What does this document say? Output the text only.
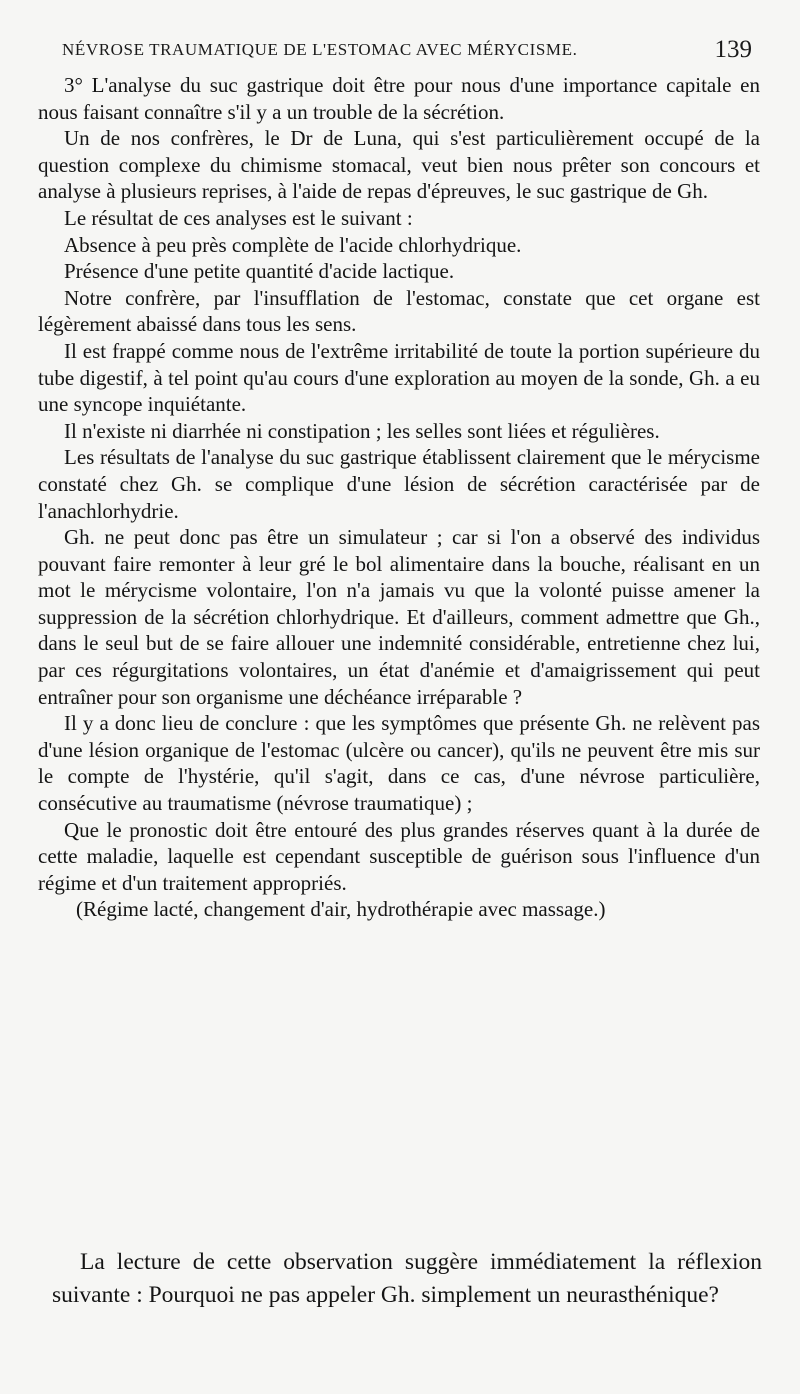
NÉVROSE TRAUMATIQUE DE L'ESTOMAC AVEC MÉRYCISME.	139

3° L'analyse du suc gastrique doit être pour nous d'une importance capitale en nous faisant connaître s'il y a un trouble de la sécrétion.

Un de nos confrères, le Dr de Luna, qui s'est particulièrement occupé de la question complexe du chimisme stomacal, veut bien nous prêter son concours et analyse à plusieurs reprises, à l'aide de repas d'épreuves, le suc gastrique de Gh.

Le résultat de ces analyses est le suivant :

Absence à peu près complète de l'acide chlorhydrique.

Présence d'une petite quantité d'acide lactique.

Notre confrère, par l'insufflation de l'estomac, constate que cet organe est légèrement abaissé dans tous les sens.

Il est frappé comme nous de l'extrême irritabilité de toute la portion supérieure du tube digestif, à tel point qu'au cours d'une exploration au moyen de la sonde, Gh. a eu une syncope inquiétante.

Il n'existe ni diarrhée ni constipation ; les selles sont liées et régulières.

Les résultats de l'analyse du suc gastrique établissent clairement que le mérycisme constaté chez Gh. se complique d'une lésion de sécrétion caractérisée par de l'anachlorhydrie.

Gh. ne peut donc pas être un simulateur ; car si l'on a observé des individus pouvant faire remonter à leur gré le bol alimentaire dans la bouche, réalisant en un mot le mérycisme volontaire, l'on n'a jamais vu que la volonté puisse amener la suppression de la sécrétion chlorhydrique. Et d'ailleurs, comment admettre que Gh., dans le seul but de se faire allouer une indemnité considérable, entretienne chez lui, par ces régurgitations volontaires, un état d'anémie et d'amaigrissement qui peut entraîner pour son organisme une déchéance irréparable ?

Il y a donc lieu de conclure : que les symptômes que présente Gh. ne relèvent pas d'une lésion organique de l'estomac (ulcère ou cancer), qu'ils ne peuvent être mis sur le compte de l'hystérie, qu'il s'agit, dans ce cas, d'une névrose particulière, consécutive au traumatisme (névrose traumatique) ;

Que le pronostic doit être entouré des plus grandes réserves quant à la durée de cette maladie, laquelle est cependant susceptible de guérison sous l'influence d'un régime et d'un traitement appropriés.

(Régime lacté, changement d'air, hydrothérapie avec massage.)

La lecture de cette observation suggère immédiatement la réflexion suivante : Pourquoi ne pas appeler Gh. simplement un neurasthénique?
